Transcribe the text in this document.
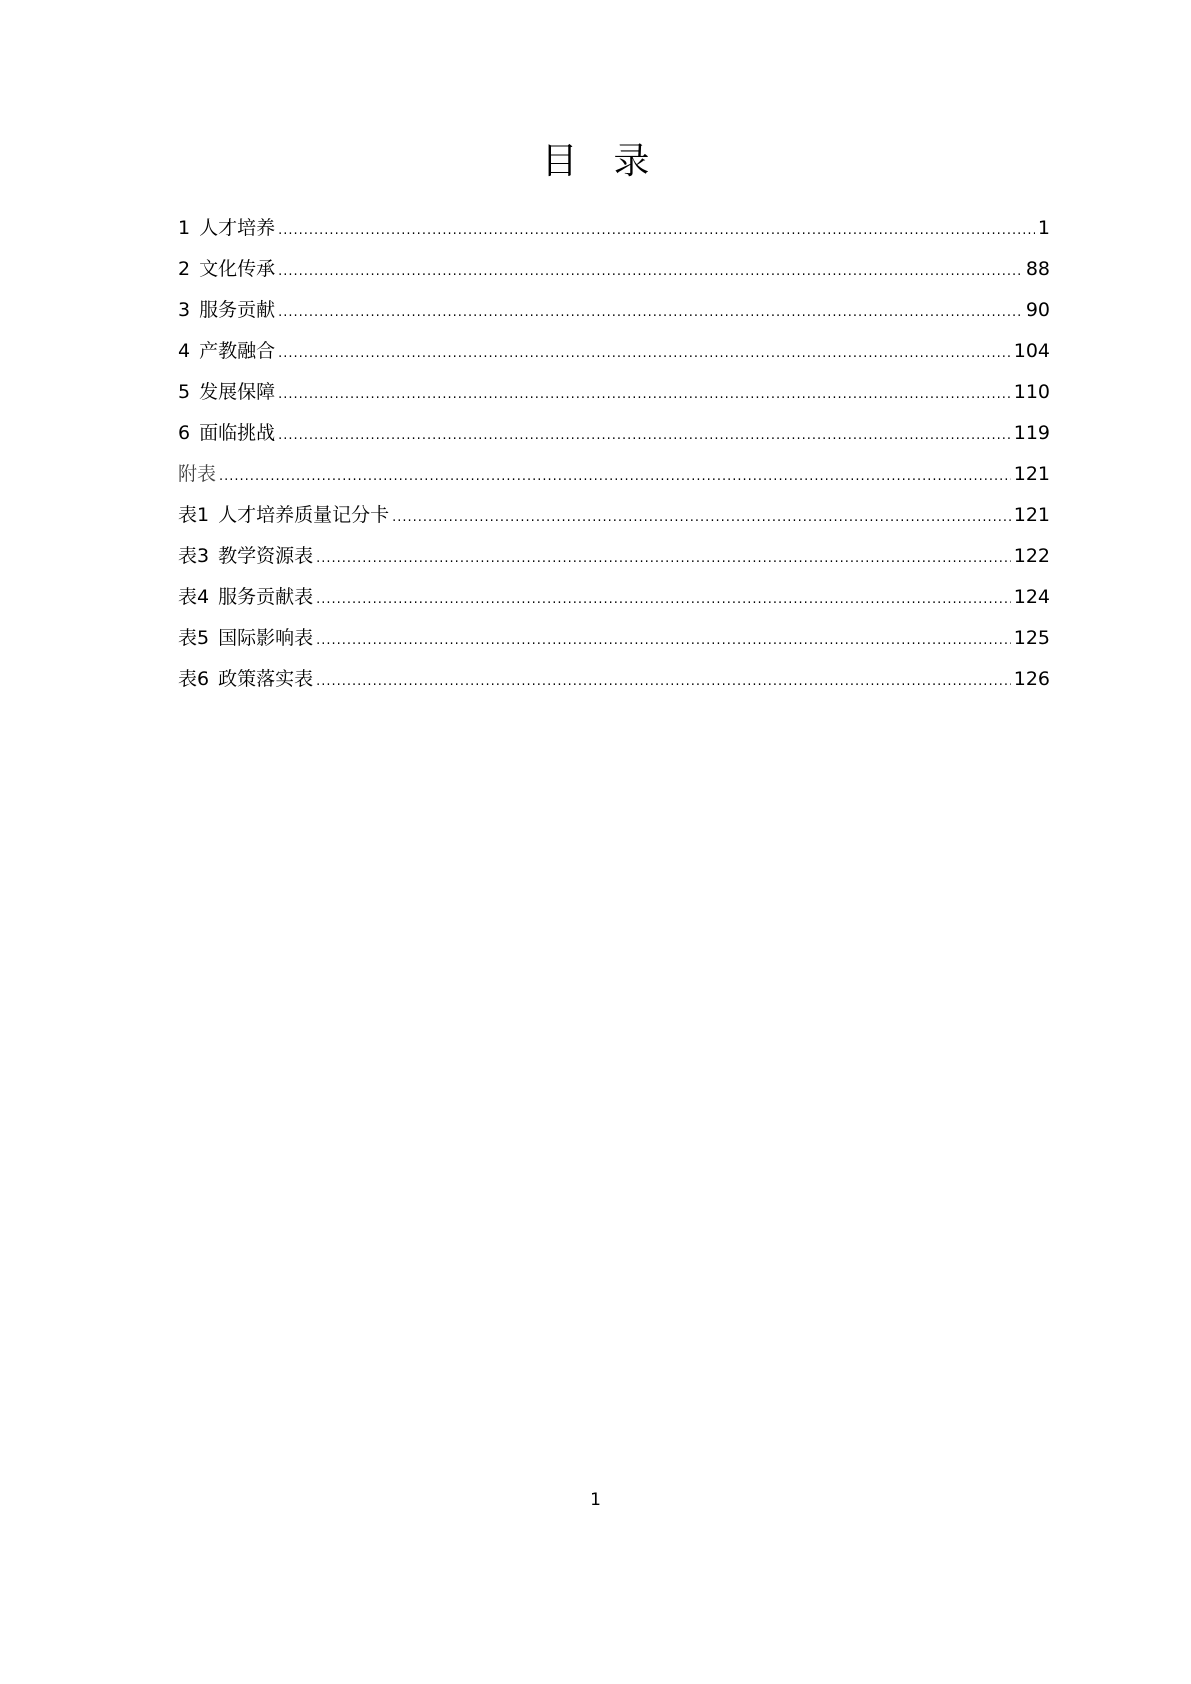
目 录
1 人才培养 .....	1
2 文化传承 .....	88
3 服务贡献 .....	90
4 产教融合 .....	104
5 发展保障 .....	110
6 面临挑战 .....	119
附表 .....	121
表1 人才培养质量记分卡 .....	121
表3 教学资源表 .....	122
表4 服务贡献表 .....	124
表5 国际影响表 .....	125
表6 政策落实表 .....	126
1
